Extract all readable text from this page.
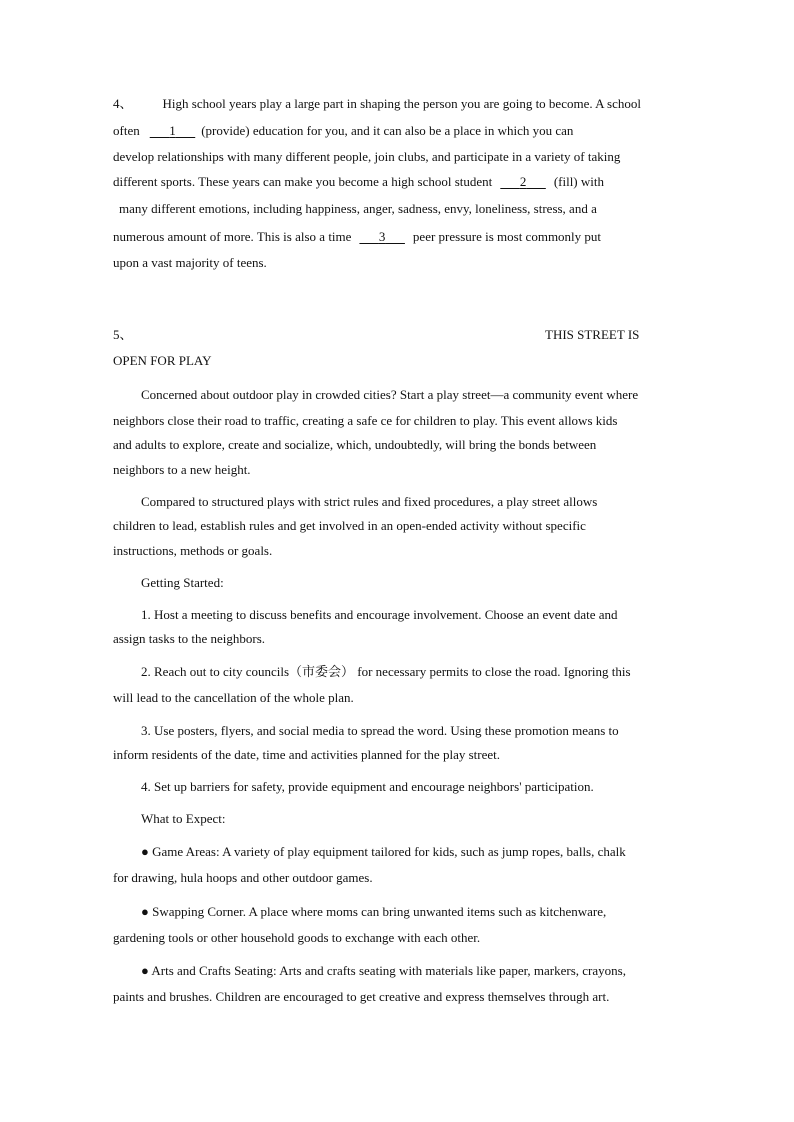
4、 High school years play a large part in shaping the person you are going to become. A school
often 1 (provide) education for you, and it can also be a place in which you can
develop relationships with many different people, join clubs, and participate in a variety of taking
different sports. These years can make you become a high school student 2 (fill) with
many different emotions, including happiness, anger, sadness, envy, loneliness, stress, and a
numerous amount of more. This is also a time 3 peer pressure is most commonly put
upon a vast majority of teens.
5、	THIS STREET IS
OPEN FOR PLAY
Concerned about outdoor play in crowded cities? Start a play street—a community event where
neighbors close their road to traffic, creating a safe ce for children to play. This event allows kids
and adults to explore, create and socialize, which, undoubtedly, will bring the bonds between
neighbors to a new height.
Compared to structured plays with strict rules and fixed procedures, a play street allows
children to lead, establish rules and get involved in an open-ended activity without specific
instructions, methods or goals.
Getting Started:
1. Host a meeting to discuss benefits and encourage involvement. Choose an event date and
assign tasks to the neighbors.
2. Reach out to city councils（市委会） for necessary permits to close the road. Ignoring this
will lead to the cancellation of the whole plan.
3. Use posters, flyers, and social media to spread the word. Using these promotion means to
inform residents of the date, time and activities planned for the play street.
4. Set up barriers for safety, provide equipment and encourage neighbors' participation.
What to Expect:
● Game Areas: A variety of play equipment tailored for kids, such as jump ropes, balls, chalk
for drawing, hula hoops and other outdoor games.
● Swapping Corner. A place where moms can bring unwanted items such as kitchenware,
gardening tools or other household goods to exchange with each other.
● Arts and Crafts Seating: Arts and crafts seating with materials like paper, markers, crayons,
paints and brushes. Children are encouraged to get creative and express themselves through art.
